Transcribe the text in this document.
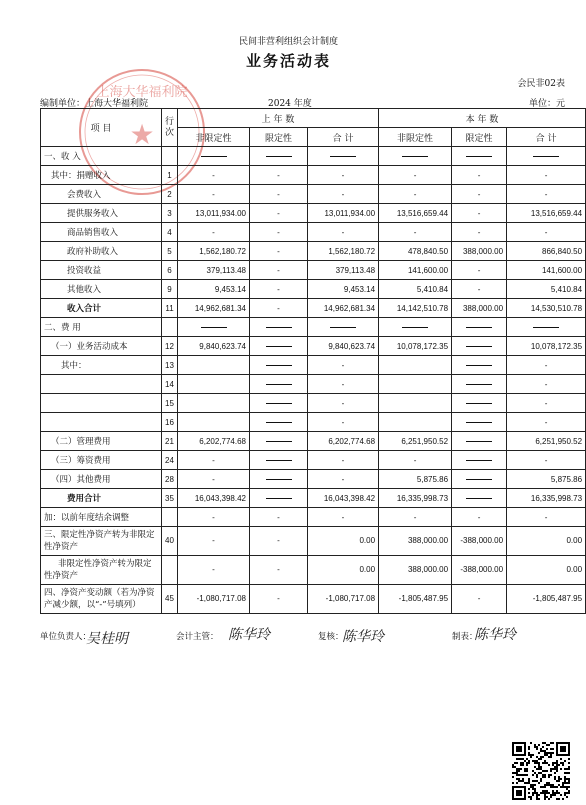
民间非营利组织会计制度
业务活动表
会民非02表
编制单位：上海大华福利院	2024 年度	单位：元
上海大华福利院
★
项 目	行次	上 年 数			本 年 数		
		非限定性	限定性	合 计	非限定性	限定性	合 计
一、收 入							
其中：捐赠收入	1	-	-	-	-	-	-
会费收入	2	-	-	-	-	-	-
提供服务收入	3	13,011,934.00	-	13,011,934.00	13,516,659.44	-	13,516,659.44
商品销售收入	4	-	-	-	-	-	-
政府补助收入	5	1,562,180.72	-	1,562,180.72	478,840.50	388,000.00	866,840.50
投资收益	6	379,113.48	-	379,113.48	141,600.00	-	141,600.00
其他收入	9	9,453.14	-	9,453.14	5,410.84	-	5,410.84
收入合计	11	14,962,681.34	-	14,962,681.34	14,142,510.78	388,000.00	14,530,510.78
二、费 用							
（一）业务活动成本	12	9,840,623.74		9,840,623.74	10,078,172.35		10,078,172.35
其中：	13			-			-
	14			-			-
	15			-			-
	16			-			-
（二）管理费用	21	6,202,774.68		6,202,774.68	6,251,950.52		6,251,950.52
（三）筹资费用	24	-		-	-		-
（四）其他费用	28	-		-	5,875.86		5,875.86
费用合计	35	16,043,398.42		16,043,398.42	16,335,998.73		16,335,998.73
加：以前年度结余调整		-	-	-	-	-	-
三、限定性净资产转为非限定性净资产	40	-	-	0.00	388,000.00	-388,000.00	0.00
非限定性净资产转为限定性净资产		-	-	0.00	388,000.00	-388,000.00	0.00
四、净资产变动额（若为净资产减少额，以“-”号填列）	45	-1,080,717.08	-	-1,080,717.08	-1,805,487.95	-	-1,805,487.95
单位负责人：
吴桂明	会计主管： 陈华玲	复核：
陈华玲	制表：
陈华玲
